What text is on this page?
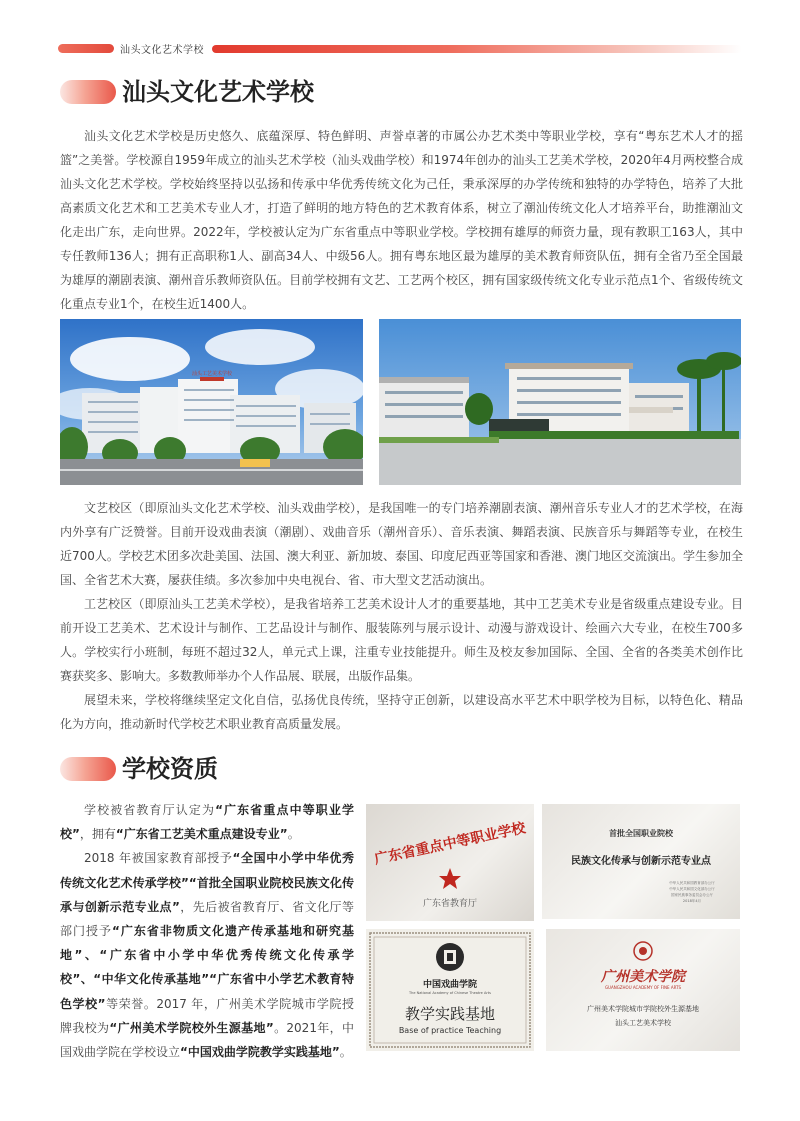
汕头文化艺术学校
汕头文化艺术学校
汕头文化艺术学校是历史悠久、底蕴深厚、特色鲜明、声誉卓著的市属公办艺术类中等职业学校，享有“粤东艺术人才的摇篮”之美誉。学校源自1959年成立的汕头艺术学校（汕头戏曲学校）和1974年创办的汕头工艺美术学校，2020年4月两校整合成汕头文化艺术学校。学校始终坚持以弘扬和传承中华优秀传统文化为己任，秉承深厚的办学传统和独特的办学特色，培养了大批高素质文化艺术和工艺美术专业人才，打造了鲜明的地方特色的艺术教育体系，树立了潮汕传统文化人才培养平台，助推潮汕文化走出广东，走向世界。2022年，学校被认定为广东省重点中等职业学校。学校拥有雄厚的师资力量，现有教职工163人，其中专任教师136人；拥有正高职称1人、副高34人、中级56人。拥有粤东地区最为雄厚的美术教育师资队伍，拥有全省乃至全国最为雄厚的潮剧表演、潮州音乐教师资队伍。目前学校拥有文艺、工艺两个校区，拥有国家级传统文化专业示范点1个、省级传统文化重点专业1个，在校生近1400人。
汕头工艺美术学校
文艺校区（即原汕头文化艺术学校、汕头戏曲学校），是我国唯一的专门培养潮剧表演、潮州音乐专业人才的艺术学校，在海内外享有广泛赞誉。目前开设戏曲表演（潮剧）、戏曲音乐（潮州音乐）、音乐表演、舞蹈表演、民族音乐与舞蹈等专业，在校生近700人。学校艺术团多次赴美国、法国、澳大利亚、新加坡、泰国、印度尼西亚等国家和香港、澳门地区交流演出。学生参加全国、全省艺术大赛，屡获佳绩。多次参加中央电视台、省、市大型文艺活动演出。
工艺校区（即原汕头工艺美术学校），是我省培养工艺美术设计人才的重要基地，其中工艺美术专业是省级重点建设专业。目前开设工艺美术、艺术设计与制作、工艺品设计与制作、服装陈列与展示设计、动漫与游戏设计、绘画六大专业，在校生700多人。学校实行小班制，每班不超过32人，单元式上课，注重专业技能提升。师生及校友参加国际、全国、全省的各类美术创作比赛获奖多、影响大。多数教师举办个人作品展、联展，出版作品集。
展望未来，学校将继续坚定文化自信，弘扬优良传统，坚持守正创新，以建设高水平艺术中职学校为目标，以特色化、精品化为方向，推动新时代学校艺术职业教育高质量发展。
学校资质

学校被省教育厅认定为“广东省重点中等职业学校”，拥有“广东省工艺美术重点建设专业”。

2018 年被国家教育部授予“全国中小学中华优秀传统文化艺术传承学校”“首批全国职业院校民族文化传承与创新示范专业点”，先后被省教育厅、省文化厅等部门授予“广东省非物质文化遗产传承基地和研究基地”、“广东省中小学中华优秀传统文化传承学校”、“中华文化传承基地”“广东省中小学艺术教育特色学校”等荣誉。2017 年，广州美术学院城市学院授牌我校为“广州美术学院校外生源基地”。2021年，中国戏曲学院在学校设立“中国戏曲学院教学实践基地”。

广东省重点中等职业学校
广东省教育厅
首批全国职业院校
民族文化传承与创新示范专业点
中华人民共和国教育部办公厅
中华人民共和国文化部办公厅
国家民族事务委员会办公厅
2018年4月
中国戏曲学院
The National Academy of Chinese Theatre Arts
教学实践基地
Base of practice Teaching
广州美术学院
GUANGZHOU ACADEMY OF FINE ARTS
广州美术学院城市学院校外生源基地
汕头工艺美术学校
